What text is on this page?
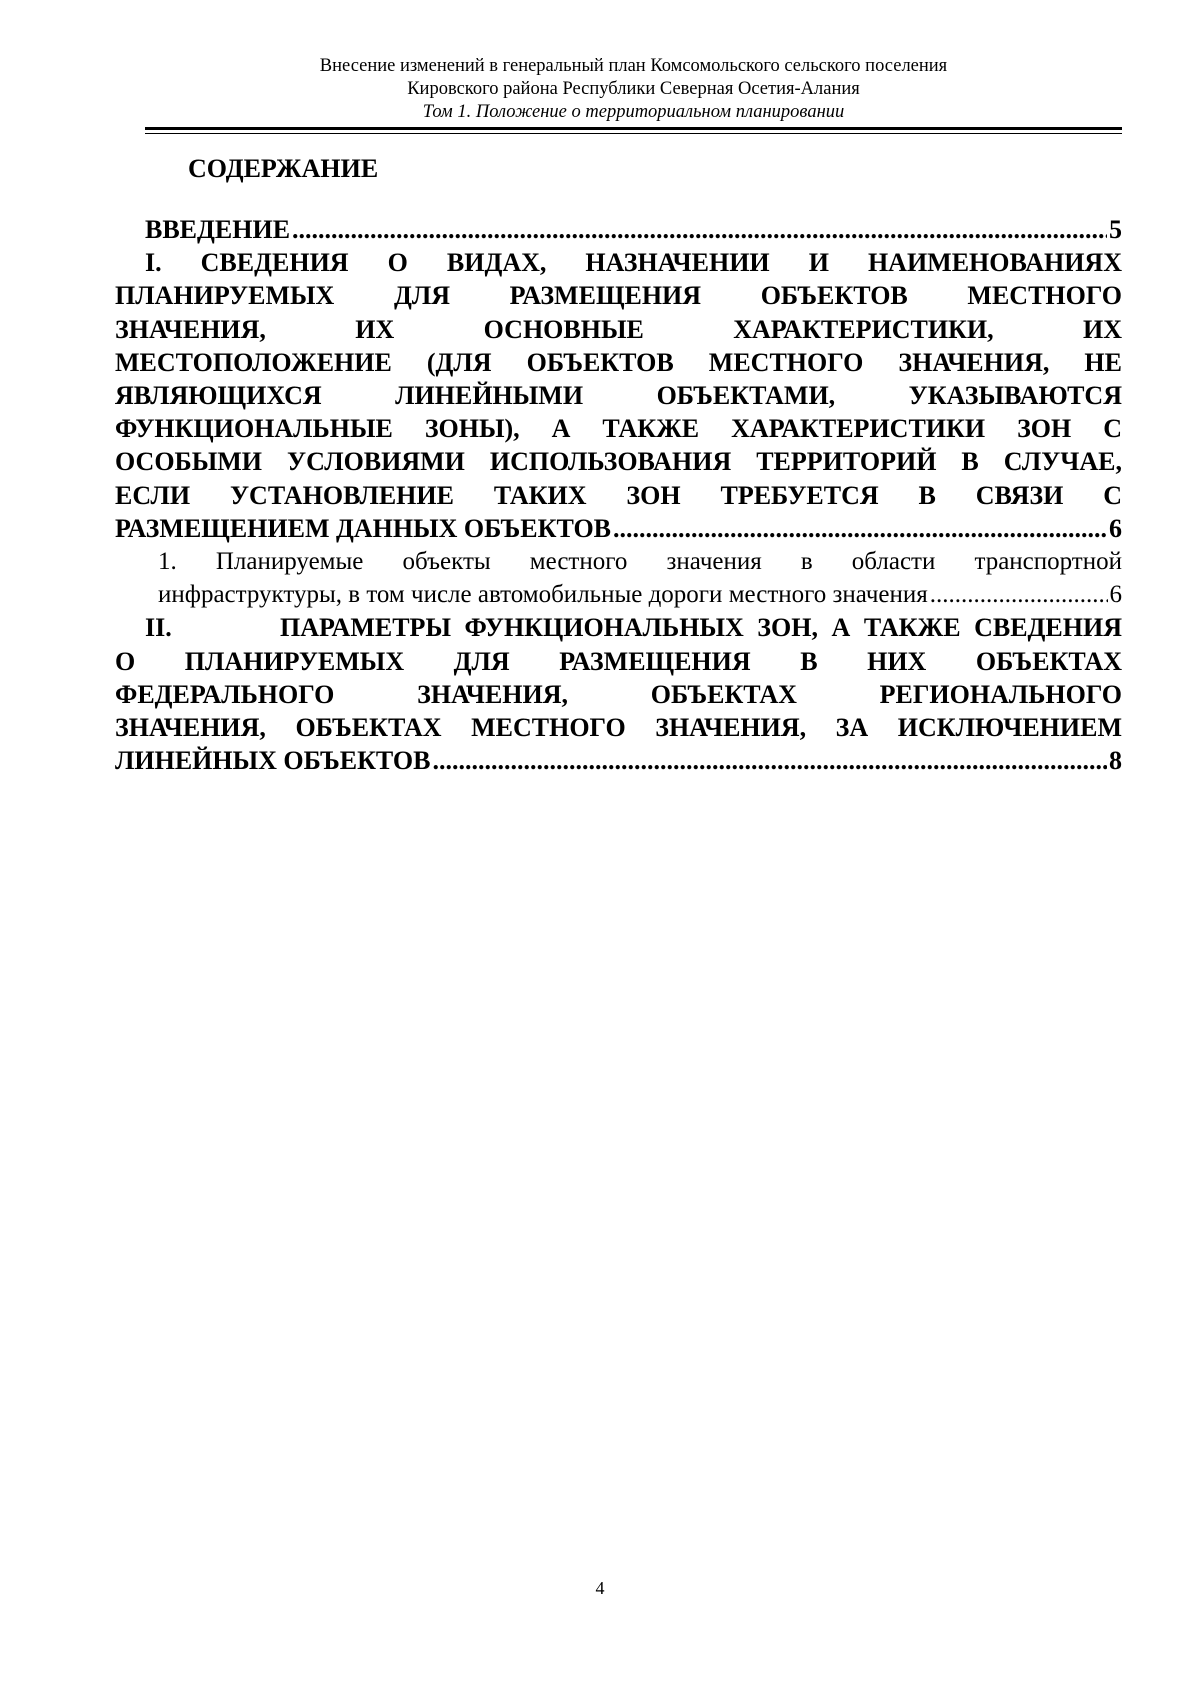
Внесение изменений в генеральный план Комсомольского сельского поселения
Кировского района Республики Северная Осетия-Алания
Том 1. Положение о территориальном планировании
СОДЕРЖАНИЕ
ВВЕДЕНИЕ .....	5
I. СВЕДЕНИЯ О ВИДАХ, НАЗНАЧЕНИИ И НАИМЕНОВАНИЯХ
ПЛАНИРУЕМЫХ ДЛЯ РАЗМЕЩЕНИЯ ОБЪЕКТОВ МЕСТНОГО
ЗНАЧЕНИЯ, ИХ ОСНОВНЫЕ ХАРАКТЕРИСТИКИ, ИХ
МЕСТОПОЛОЖЕНИЕ (ДЛЯ ОБЪЕКТОВ МЕСТНОГО ЗНАЧЕНИЯ, НЕ
ЯВЛЯЮЩИХСЯ ЛИНЕЙНЫМИ ОБЪЕКТАМИ, УКАЗЫВАЮТСЯ
ФУНКЦИОНАЛЬНЫЕ ЗОНЫ), А ТАКЖЕ ХАРАКТЕРИСТИКИ ЗОН С
ОСОБЫМИ УСЛОВИЯМИ ИСПОЛЬЗОВАНИЯ ТЕРРИТОРИЙ В СЛУЧАЕ,
ЕСЛИ УСТАНОВЛЕНИЕ ТАКИХ ЗОН ТРЕБУЕТСЯ В СВЯЗИ С
РАЗМЕЩЕНИЕМ ДАННЫХ ОБЪЕКТОВ .....	6
1. Планируемые объекты местного значения в области транспортной
инфраструктуры, в том числе автомобильные дороги местного значения .....	6
II.        ПАРАМЕТРЫ ФУНКЦИОНАЛЬНЫХ ЗОН, А ТАКЖЕ СВЕДЕНИЯ
О ПЛАНИРУЕМЫХ ДЛЯ РАЗМЕЩЕНИЯ В НИХ ОБЪЕКТАХ
ФЕДЕРАЛЬНОГО ЗНАЧЕНИЯ, ОБЪЕКТАХ РЕГИОНАЛЬНОГО
ЗНАЧЕНИЯ, ОБЪЕКТАХ МЕСТНОГО ЗНАЧЕНИЯ, ЗА ИСКЛЮЧЕНИЕМ
ЛИНЕЙНЫХ ОБЪЕКТОВ .....	8
4
